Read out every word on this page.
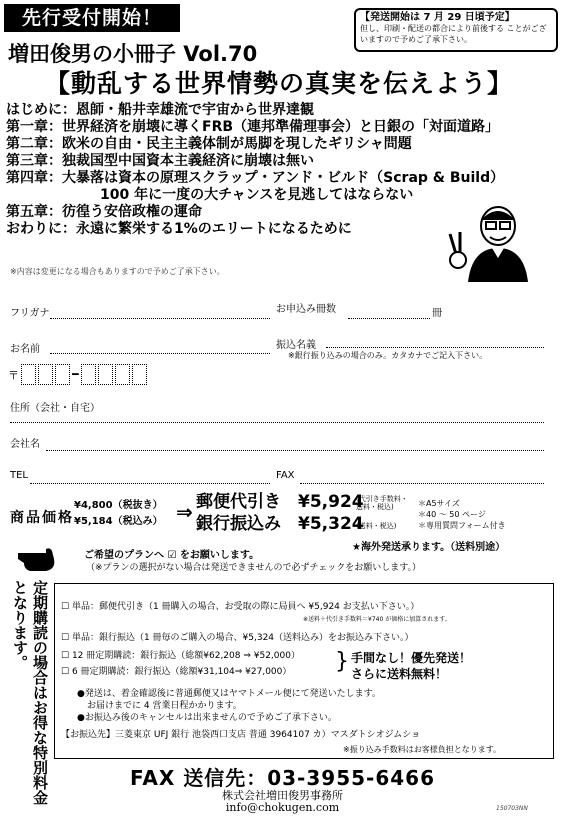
先行受付開始！	【発送開始は 7 月 29 日頃予定】
但し、印刷・配送の都合により前後する ことがございますので予めご了承下さい。
増田俊男の小冊子 Vol.70
【動乱する世界情勢の真実を伝えよう】
はじめに：恩師・船井幸雄流で宇宙から世界達観
第一章：世界経済を崩壊に導くFRB（連邦準備理事会）と日銀の「対面道路」
第二章：欧米の自由・民主主義体制が馬脚を現したギリシャ問題
第三章：独裁国型中国資本主義経済に崩壊は無い
第四章：大暴落は資本の原理スクラップ・アンド・ビルド（Scrap & Build）
100 年に一度の大チャンスを見逃してはならない
第五章：彷徨う安倍政権の運命
おわりに：永遠に繁栄する1%のエリートになるために
※内容は変更になる場合もありますので予めご了承下さい。
フリガナ	お申込み冊数	冊
お名前	振込名義
※銀行振り込みの場合のみ。カタカナでご記入下さい。
〒	━
住所（会社・自宅）
会社名
TEL	FAX
商品価格
¥4,800（税抜き）
¥5,184（税込み） ⇒ 郵便代引き ¥5,924
(代引き手数料・送料・税込)
銀行振込み ¥5,324
(送料・税込)
＊A5サイズ
＊40 ～ 50 ページ
＊専用質問フォーム付き
★海外発送承ります。（送料別途）
ご希望のプランへ ☑ をお願いします。
（※プランの選択がない場合は発送できませんので必ずチェックをお願いします。）
定期購読の場合はお得な特別料金となります。	☐ 単品：郵便代引き（1 冊購入の場合、お受取の際に局員へ ¥5,924 お支払い下さい。）
※送料＋代引き手数料＝¥740 が価格に加算されます。
☐ 単品：銀行振込（1 冊毎のご購入の場合、¥5,324（送料込み）をお振込み下さい。）
☐ 12 冊定期購読：銀行振込（総額¥62,208 ⇒ ¥52,000）
☐ 6 冊定期購読：銀行振込（総額¥31,104⇒ ¥27,000） } 手間なし！優先発送！
さらに送料無料！
●発送は、着金確認後に普通郵便又はヤマトメール便にて発送いたします。
お届けまでに 4 営業日程かかります。
●お振込み後のキャンセルは出来ませんので予めご了承下さい。
【お振込先】三菱東京 UFJ 銀行 池袋西口支店 普通 3964107 カ）マスダトシオジムショ
※振り込み手数料はお客様負担となります。
FAX 送信先：03-3955-6466
株式会社増田俊男事務所
info@chokugen.com	150703NN
